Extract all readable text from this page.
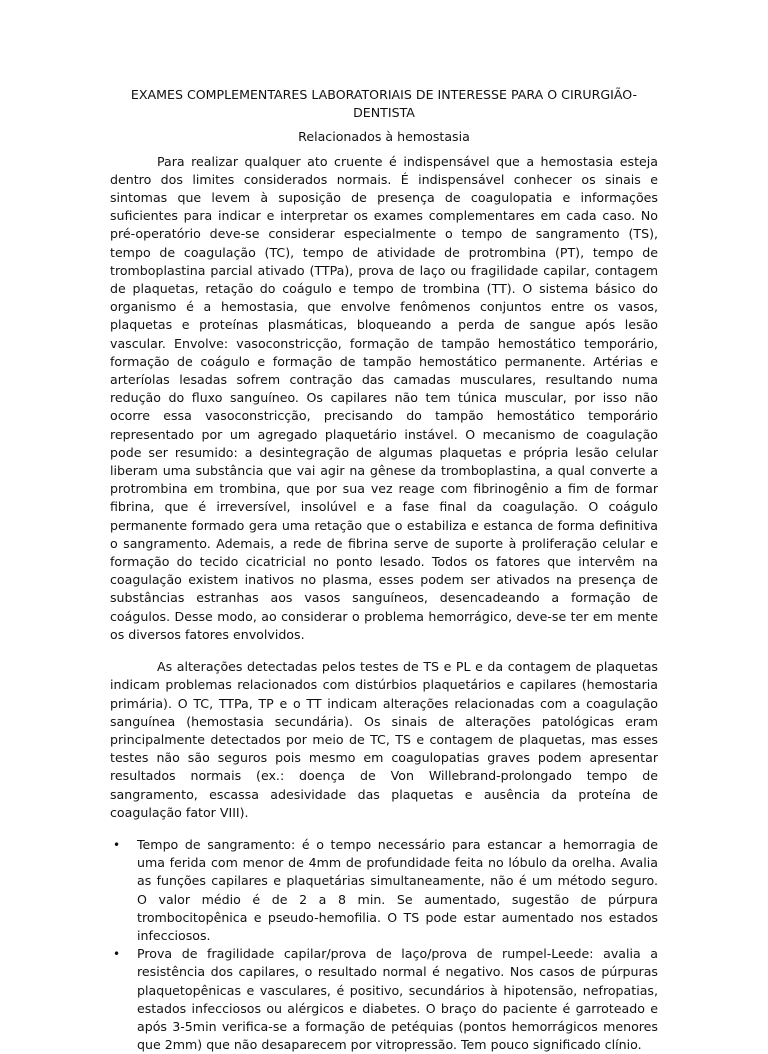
EXAMES COMPLEMENTARES LABORATORIAIS DE INTERESSE PARA O CIRURGIÃO-DENTISTA
Relacionados à hemostasia

Para realizar qualquer ato cruente é indispensável que a hemostasia esteja dentro dos limites considerados normais. É indispensável conhecer os sinais e sintomas que levem à suposição de presença de coagulopatia e informações suficientes para indicar e interpretar os exames complementares em cada caso. No pré-operatório deve-se considerar especialmente o tempo de sangramento (TS), tempo de coagulação (TC), tempo de atividade de protrombina (PT), tempo de tromboplastina parcial ativado (TTPa), prova de laço ou fragilidade capilar, contagem de plaquetas, retação do coágulo e tempo de trombina (TT). O sistema básico do organismo é a hemostasia, que envolve fenômenos conjuntos entre os vasos, plaquetas e proteínas plasmáticas, bloqueando a perda de sangue após lesão vascular. Envolve: vasoconstricção, formação de tampão hemostático temporário, formação de coágulo e formação de tampão hemostático permanente. Artérias e arteríolas lesadas sofrem contração das camadas musculares, resultando numa redução do fluxo sanguíneo. Os capilares não tem túnica muscular, por isso não ocorre essa vasoconstricção, precisando do tampão hemostático temporário representado por um agregado plaquetário instável. O mecanismo de coagulação pode ser resumido: a desintegração de algumas plaquetas e própria lesão celular liberam uma substância que vai agir na gênese da tromboplastina, a qual converte a protrombina em trombina, que por sua vez reage com fibrinogênio a fim de formar fibrina, que é irreversível, insolúvel e a fase final da coagulação. O coágulo permanente formado gera uma retação que o estabiliza e estanca de forma definitiva o sangramento. Ademais, a rede de fibrina serve de suporte à proliferação celular e formação do tecido cicatricial no ponto lesado. Todos os fatores que intervêm na coagulação existem inativos no plasma, esses podem ser ativados na presença de substâncias estranhas aos vasos sanguíneos, desencadeando a formação de coágulos. Desse modo, ao considerar o problema hemorrágico, deve-se ter em mente os diversos fatores envolvidos.

As alterações detectadas pelos testes de TS e PL e da contagem de plaquetas indicam problemas relacionados com distúrbios plaquetários e capilares (hemostaria primária). O TC, TTPa, TP e o TT indicam alterações relacionadas com a coagulação sanguínea (hemostasia secundária). Os sinais de alterações patológicas eram principalmente detectados por meio de TC, TS e contagem de plaquetas, mas esses testes não são seguros pois mesmo em coagulopatias graves podem apresentar resultados normais (ex.: doença de Von Willebrand-prolongado tempo de sangramento, escassa adesividade das plaquetas e ausência da proteína de coagulação fator VIII).

• Tempo de sangramento: é o tempo necessário para estancar a hemorragia de uma ferida com menor de 4mm de profundidade feita no lóbulo da orelha. Avalia as funções capilares e plaquetárias simultaneamente, não é um método seguro. O valor médio é de 2 a 8 min. Se aumentado, sugestão de púrpura trombocitopênica e pseudo-hemofilia. O TS pode estar aumentado nos estados infecciosos.
• Prova de fragilidade capilar/prova de laço/prova de rumpel-Leede: avalia a resistência dos capilares, o resultado normal é negativo. Nos casos de púrpuras plaquetopênicas e vasculares, é positivo, secundários à hipotensão, nefropatias, estados infecciosos ou alérgicos e diabetes. O braço do paciente é garroteado e após 3-5min verifica-se a formação de petéquias (pontos hemorrágicos menores que 2mm) que não desaparecem por vitropressão. Tem pouco significado clínio.
